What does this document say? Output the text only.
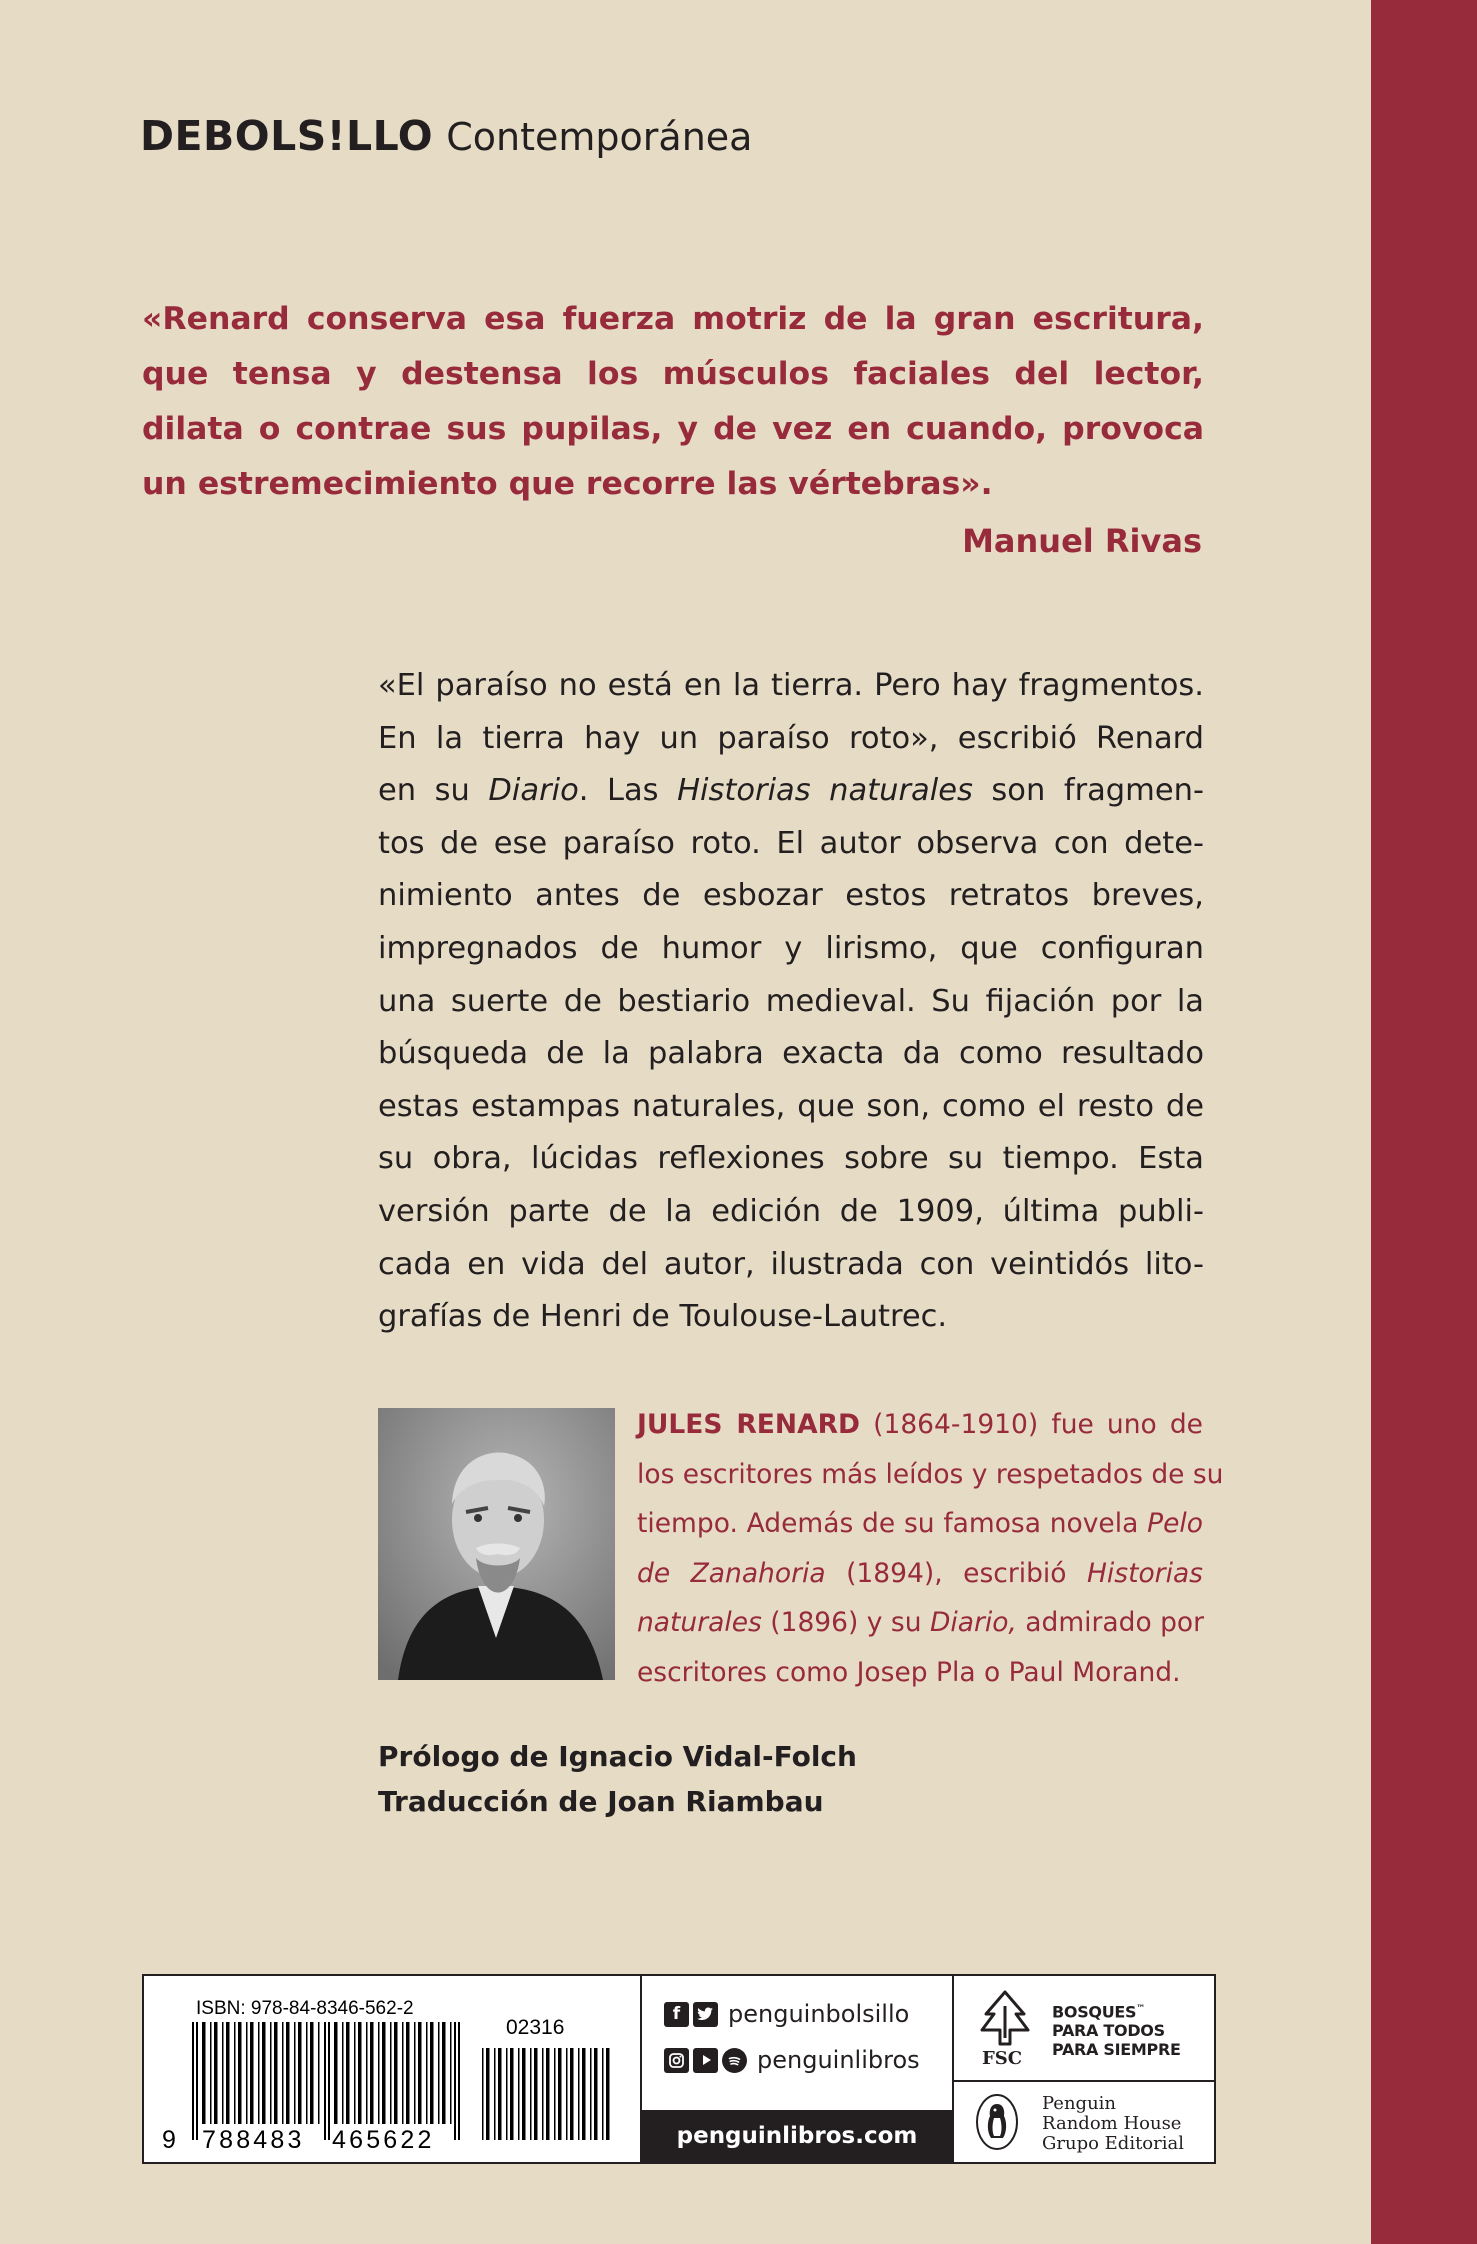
DEBOLS!LLO Contemporánea

«Renard conserva esa fuerza motriz de la gran escritura, que tensa y destensa los músculos faciales del lector, dilata o contrae sus pupilas, y de vez en cuando, provoca un estremecimiento que recorre las vértebras».

Manuel Rivas
«El paraíso no está en la tierra. Pero hay fragmentos.
En la tierra hay un paraíso roto», escribió Renard
en su Diario. Las Historias naturales son fragmen-
tos de ese paraíso roto. El autor observa con dete-
nimiento antes de esbozar estos retratos breves,
impregnados de humor y lirismo, que configuran
una suerte de bestiario medieval. Su fijación por la
búsqueda de la palabra exacta da como resultado
estas estampas naturales, que son, como el resto de
su obra, lúcidas reflexiones sobre su tiempo. Esta
versión parte de la edición de 1909, última publi-
cada en vida del autor, ilustrada con veintidós lito-
grafías de Henri de Toulouse-Lautrec.
JULES RENARD (1864-1910) fue uno de
los escritores más leídos y respetados de su
tiempo. Además de su famosa novela Pelo
de Zanahoria (1894), escribió Historias
naturales (1896) y su Diario, admirado por
escritores como Josep Pla o Paul Morand.
Prólogo de Ignacio Vidal-Folch
Traducción de Joan Riambau
ISBN: 978-84-8346-562-2
02316
9 788483 465622
f	penguinbolsillo
penguinlibros
penguinlibros.com
FSC
BOSQUES™
PARA TODOS
PARA SIEMPRE
Penguin
Random House
Grupo Editorial
